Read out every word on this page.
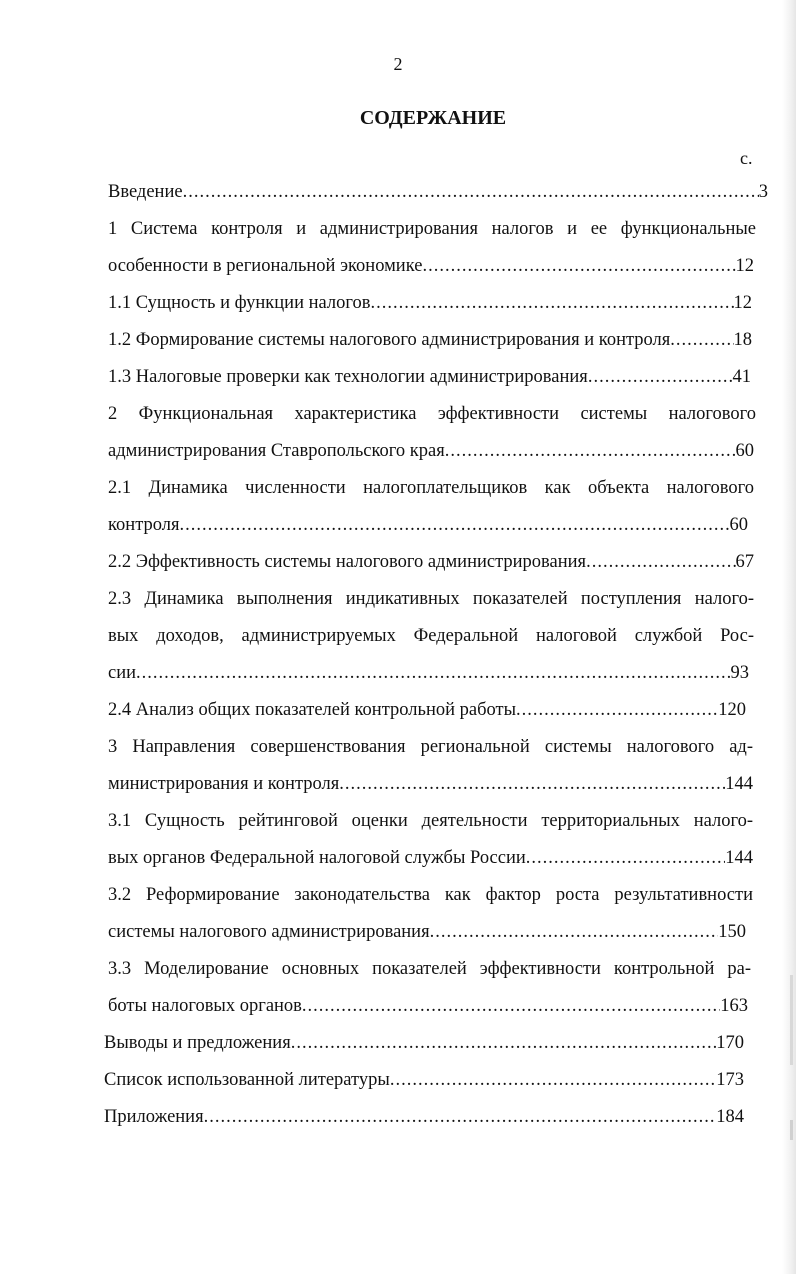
2
СОДЕРЖАНИЕ
с.
Введение .....	3
1 Система контроля и администрирования налогов и ее функциональные
особенности в региональной экономике .....	12
1.1 Сущность и функции налогов .....	12
1.2 Формирование системы налогового администрирования и контроля .....	18
1.3 Налоговые проверки как технологии администрирования .....	41
2 Функциональная характеристика эффективности системы налогового
администрирования Ставропольского края .....	60
2.1 Динамика численности налогоплательщиков как объекта налогового
контроля .....	60
2.2 Эффективность системы налогового администрирования .....	67
2.3 Динамика выполнения индикативных показателей поступления налого-
вых доходов, администрируемых Федеральной налоговой службой Рос-
сии .....	93
2.4 Анализ общих показателей контрольной работы .....	120
3 Направления совершенствования региональной системы налогового ад-
министрирования и контроля .....	144
3.1 Сущность рейтинговой оценки деятельности территориальных налого-
вых органов Федеральной налоговой службы России .....	144
3.2 Реформирование законодательства как фактор роста результативности
системы налогового администрирования .....	150
3.3 Моделирование основных показателей эффективности контрольной ра-
боты налоговых органов .....	163
Выводы и предложения .....	170
Список использованной литературы .....	173
Приложения .....	184
